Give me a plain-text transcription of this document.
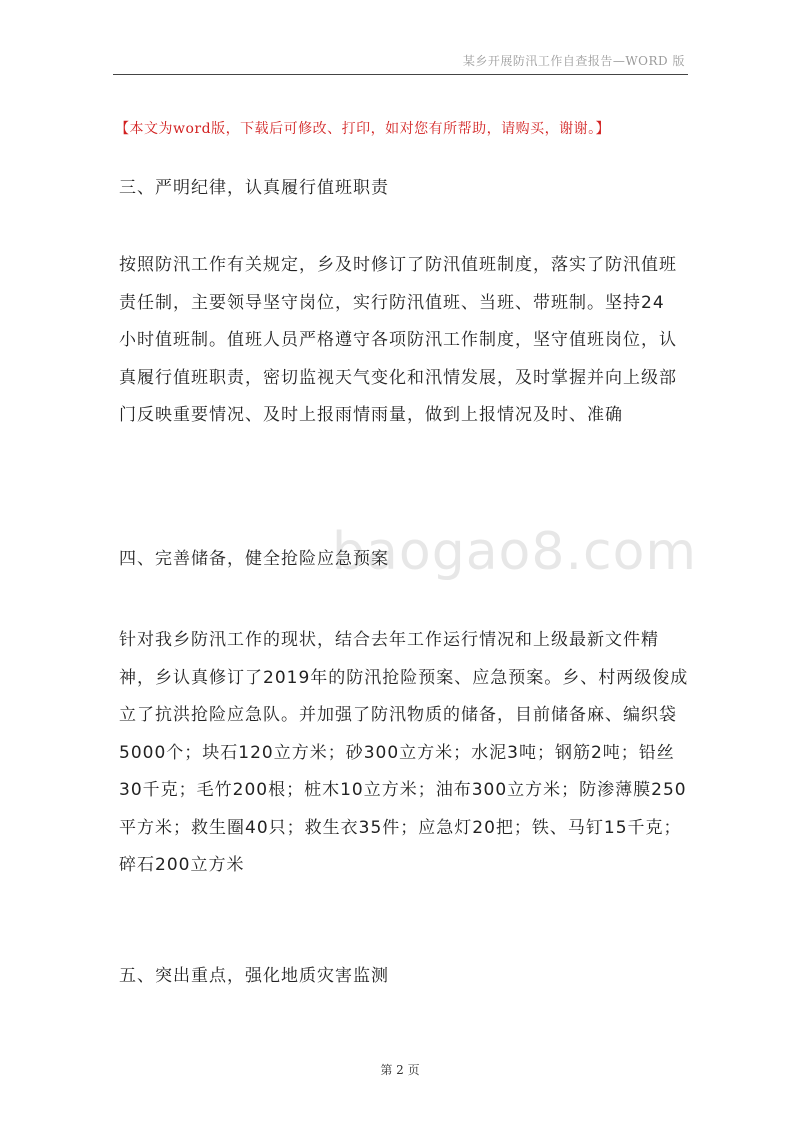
某乡开展防汛工作自查报告—WORD 版
【本文为word版，下载后可修改、打印，如对您有所帮助，请购买，谢谢。】
三、严明纪律，认真履行值班职责
按照防汛工作有关规定，乡及时修订了防汛值班制度，落实了防汛值班责任制，主要领导坚守岗位，实行防汛值班、当班、带班制。坚持24 小时值班制。值班人员严格遵守各项防汛工作制度，坚守值班岗位，认真履行值班职责，密切监视天气变化和汛情发展，及时掌握并向上级部门反映重要情况、及时上报雨情雨量，做到上报情况及时、准确
baogao8.com
四、完善储备，健全抢险应急预案
针对我乡防汛工作的现状，结合去年工作运行情况和上级最新文件精神，乡认真修订了2019年的防汛抢险预案、应急预案。乡、村两级俊成立了抗洪抢险应急队。并加强了防汛物质的储备，目前储备麻、编织袋5000个；块石120立方米；砂300立方米；水泥3吨；钢筋2吨；铅丝30千克；毛竹200根；桩木10立方米；油布300立方米；防渗薄膜250平方米；救生圈40只；救生衣35件；应急灯20把；铁、马钉15千克；碎石200立方米
五、突出重点，强化地质灾害监测
第 2 页
